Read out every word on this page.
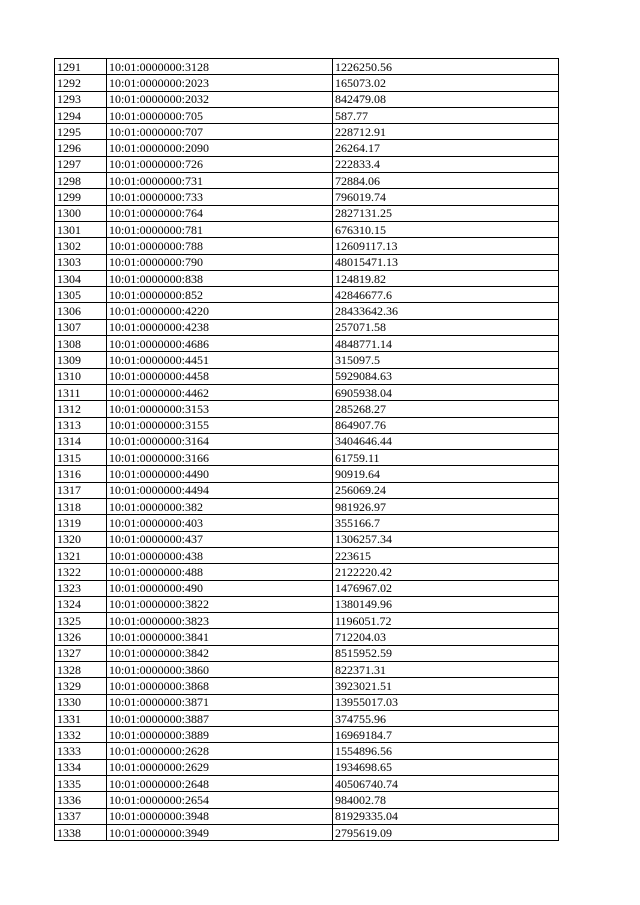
1291	10:01:0000000:3128	1226250.56
1292	10:01:0000000:2023	165073.02
1293	10:01:0000000:2032	842479.08
1294	10:01:0000000:705	587.77
1295	10:01:0000000:707	228712.91
1296	10:01:0000000:2090	26264.17
1297	10:01:0000000:726	222833.4
1298	10:01:0000000:731	72884.06
1299	10:01:0000000:733	796019.74
1300	10:01:0000000:764	2827131.25
1301	10:01:0000000:781	676310.15
1302	10:01:0000000:788	12609117.13
1303	10:01:0000000:790	48015471.13
1304	10:01:0000000:838	124819.82
1305	10:01:0000000:852	42846677.6
1306	10:01:0000000:4220	28433642.36
1307	10:01:0000000:4238	257071.58
1308	10:01:0000000:4686	4848771.14
1309	10:01:0000000:4451	315097.5
1310	10:01:0000000:4458	5929084.63
1311	10:01:0000000:4462	6905938.04
1312	10:01:0000000:3153	285268.27
1313	10:01:0000000:3155	864907.76
1314	10:01:0000000:3164	3404646.44
1315	10:01:0000000:3166	61759.11
1316	10:01:0000000:4490	90919.64
1317	10:01:0000000:4494	256069.24
1318	10:01:0000000:382	981926.97
1319	10:01:0000000:403	355166.7
1320	10:01:0000000:437	1306257.34
1321	10:01:0000000:438	223615
1322	10:01:0000000:488	2122220.42
1323	10:01:0000000:490	1476967.02
1324	10:01:0000000:3822	1380149.96
1325	10:01:0000000:3823	1196051.72
1326	10:01:0000000:3841	712204.03
1327	10:01:0000000:3842	8515952.59
1328	10:01:0000000:3860	822371.31
1329	10:01:0000000:3868	3923021.51
1330	10:01:0000000:3871	13955017.03
1331	10:01:0000000:3887	374755.96
1332	10:01:0000000:3889	16969184.7
1333	10:01:0000000:2628	1554896.56
1334	10:01:0000000:2629	1934698.65
1335	10:01:0000000:2648	40506740.74
1336	10:01:0000000:2654	984002.78
1337	10:01:0000000:3948	81929335.04
1338	10:01:0000000:3949	2795619.09
